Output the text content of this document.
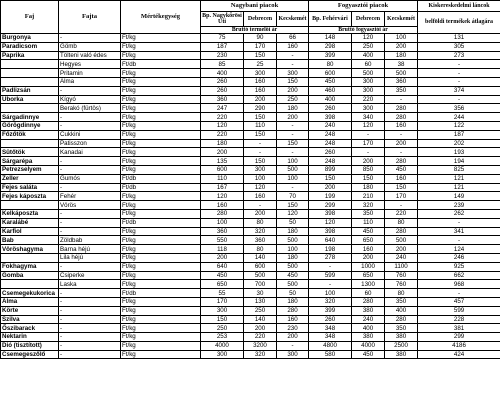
Faj	Fajta	Mértékegység	Nagybani piacok			Fogyasztói piacok			Kiskereskedelmi láncok
			Bp. Nagykőrösi Úti	Debrecen	Kecskemét	Bp. Fehérvári	Debrecen	Kecskemét	belföldi termékek átlagára
			Bruttó termelői ár			Bruttó fogyasztói ár			
Burgonya	-	Ft/kg	75	90	66	148	120	100	131
Paradicsom	Gömb	Ft/kg	187	170	160	298	250	200	305
Paprika	Tölteni való édes	Ft/kg	230	150	-	399	400	180	273
	Hegyes	Ft/db	85	25	-	80	60	38	-
	Pritamin	Ft/kg	400	300	300	600	500	500	-
	Alma	Ft/kg	260	160	150	450	300	360	-
Padlizsán	-	Ft/kg	260	160	200	460	300	350	374
Uborka	Kígyó	Ft/kg	360	200	250	400	220	-	-
	Berakó (fürtös)	Ft/kg	247	290	180	260	300	280	356
Sárgadinnye	-	Ft/kg	220	150	200	398	340	280	244
Görögdinnye	-	Ft/kg	120	110	-	240	120	160	122
Főzőtök	Cukkini	Ft/kg	220	150	-	248	-	-	187
	Patisszon	Ft/kg	180	-	150	248	170	200	202
Sütőtök	Kanadai	Ft/kg	200	-	-	260	-	-	193
Sárgarépa	-	Ft/kg	135	150	100	248	200	280	194
Petrezselyem	-	Ft/kg	600	300	500	899	850	450	825
Zeller	Gumós	Ft/db	110	100	100	150	150	160	121
Fejes saláta	-	Ft/db	167	120	-	200	180	150	121
Fejes káposzta	Fehér	Ft/kg	120	160	70	199	210	170	149
	Vörös	Ft/kg	160	-	150	299	320	-	239
Kelkáposzta	-	Ft/kg	280	200	120	398	350	220	262
Karalábé	-	Ft/db	100	80	50	120	110	80	-
Karfiol	-	Ft/kg	360	320	180	398	450	280	341
Bab	Zöldbab	Ft/kg	550	360	500	640	650	500	-
Vöröshagyma	Barna héjú	Ft/kg	118	80	100	198	160	200	124
	Lila héjú	Ft/kg	200	140	180	278	200	240	246
Fokhagyma	-	Ft/kg	640	600	500	-	1000	1100	925
Gomba	Csiperke	Ft/kg	450	500	450	599	650	760	662
	Laska	Ft/kg	650	700	500	-	1300	760	968
Csemegekukorica	-	Ft/db	55	30	50	100	60	80	-
Alma	-	Ft/kg	170	130	180	320	280	350	457
Körte	-	Ft/kg	300	250	280	399	380	400	599
Szilva	-	Ft/kg	150	140	160	260	240	280	228
Őszibarack	-	Ft/kg	250	200	230	348	400	350	381
Nektarin	-	Ft/kg	253	220	200	348	380	380	299
Dió (tisztított)	-	Ft/kg	4000	3200	-	4800	4000	2500	4186
Csemegeszőlő	-	Ft/kg	300	320	300	580	450	380	424
